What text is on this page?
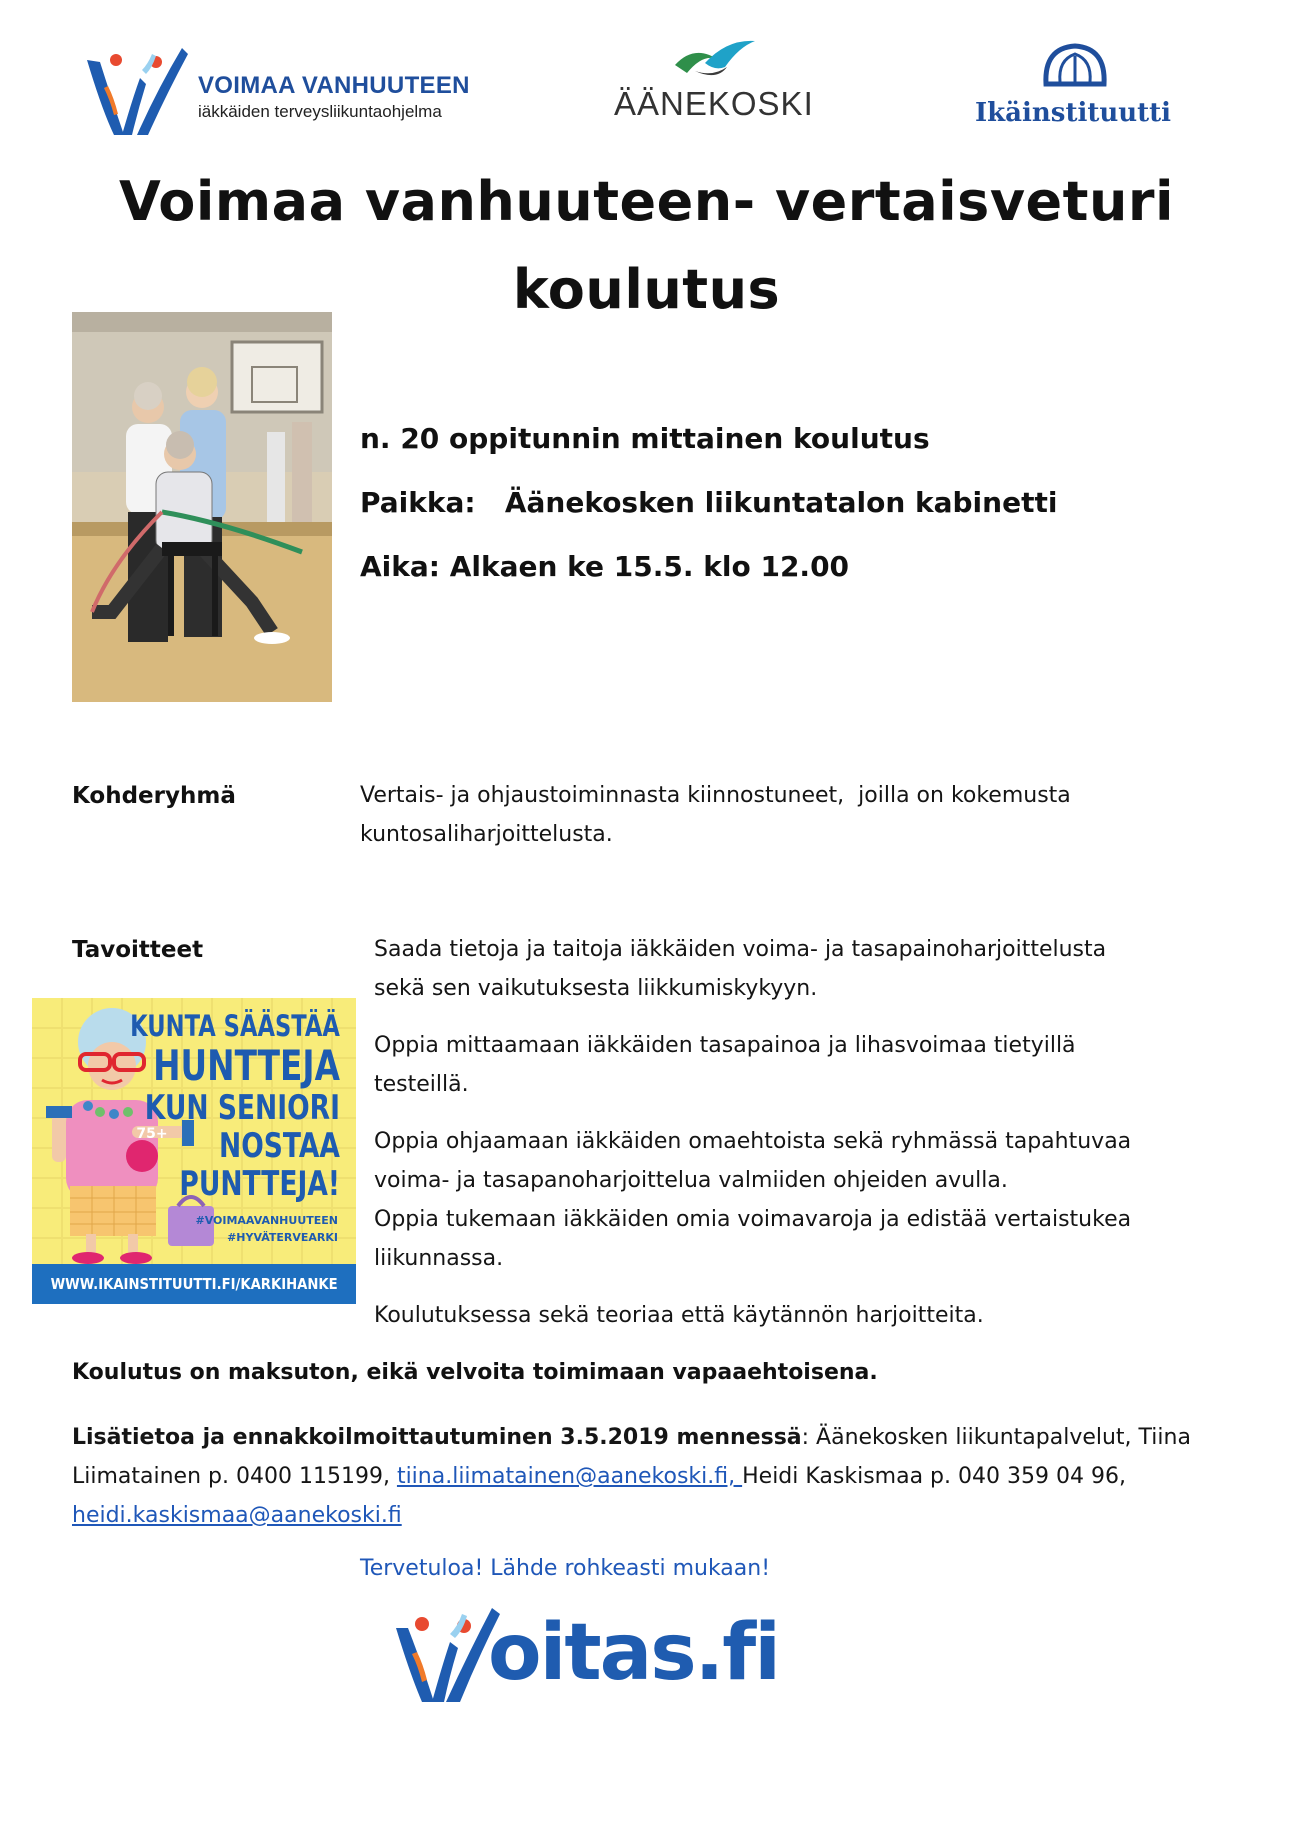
VOIMAA VANHUUTEEN
iäkkäiden terveysliikuntaohjelma	ÄÄNEKOSKI	Ikäinstituutti
Voimaa vanhuuteen- vertaisveturi
koulutus
n. 20 oppitunnin mittainen koulutus
Paikka:   Äänekosken liikuntatalon kabinetti
Aika: Alkaen ke 15.5. klo 12.00
Kohderyhmä	Vertais- ja ohjaustoiminnasta kiinnostuneet,  joilla on kokemusta
kuntosaliharjoittelusta.
Tavoitteet	Saada tietoja ja taitoja iäkkäiden voima- ja tasapainoharjoittelusta
sekä sen vaikutuksesta liikkumiskykyyn.
Oppia mittaamaan iäkkäiden tasapainoa ja lihasvoimaa tietyillä
testeillä.
Oppia ohjaamaan iäkkäiden omaehtoista sekä ryhmässä tapahtuvaa
voima- ja tasapanoharjoittelua valmiiden ohjeiden avulla.
Oppia tukemaan iäkkäiden omia voimavaroja ja edistää vertaistukea
liikunnassa.
Koulutuksessa sekä teoriaa että käytännön harjoitteita.
75+
KUNTA SÄÄSTÄÄ
HUNTTEJA
KUN SENIORI
NOSTAA
PUNTTEJA!
#VOIMAAVANHUUTEEN
#HYVÄTERVEARKI
WWW.IKAINSTITUUTTI.FI/KARKIHANKE
Koulutus on maksuton, eikä velvoita toimimaan vapaaehtoisena.
Lisätietoa ja ennakkoilmoittautuminen 3.5.2019 mennessä: Äänekosken liikuntapalvelut, Tiina
Liimatainen p. 0400 115199, tiina.liimatainen@aanekoski.fi, Heidi Kaskismaa p. 040 359 04 96,
heidi.kaskismaa@aanekoski.fi
Tervetuloa! Lähde rohkeasti mukaan!
oitas.fi
